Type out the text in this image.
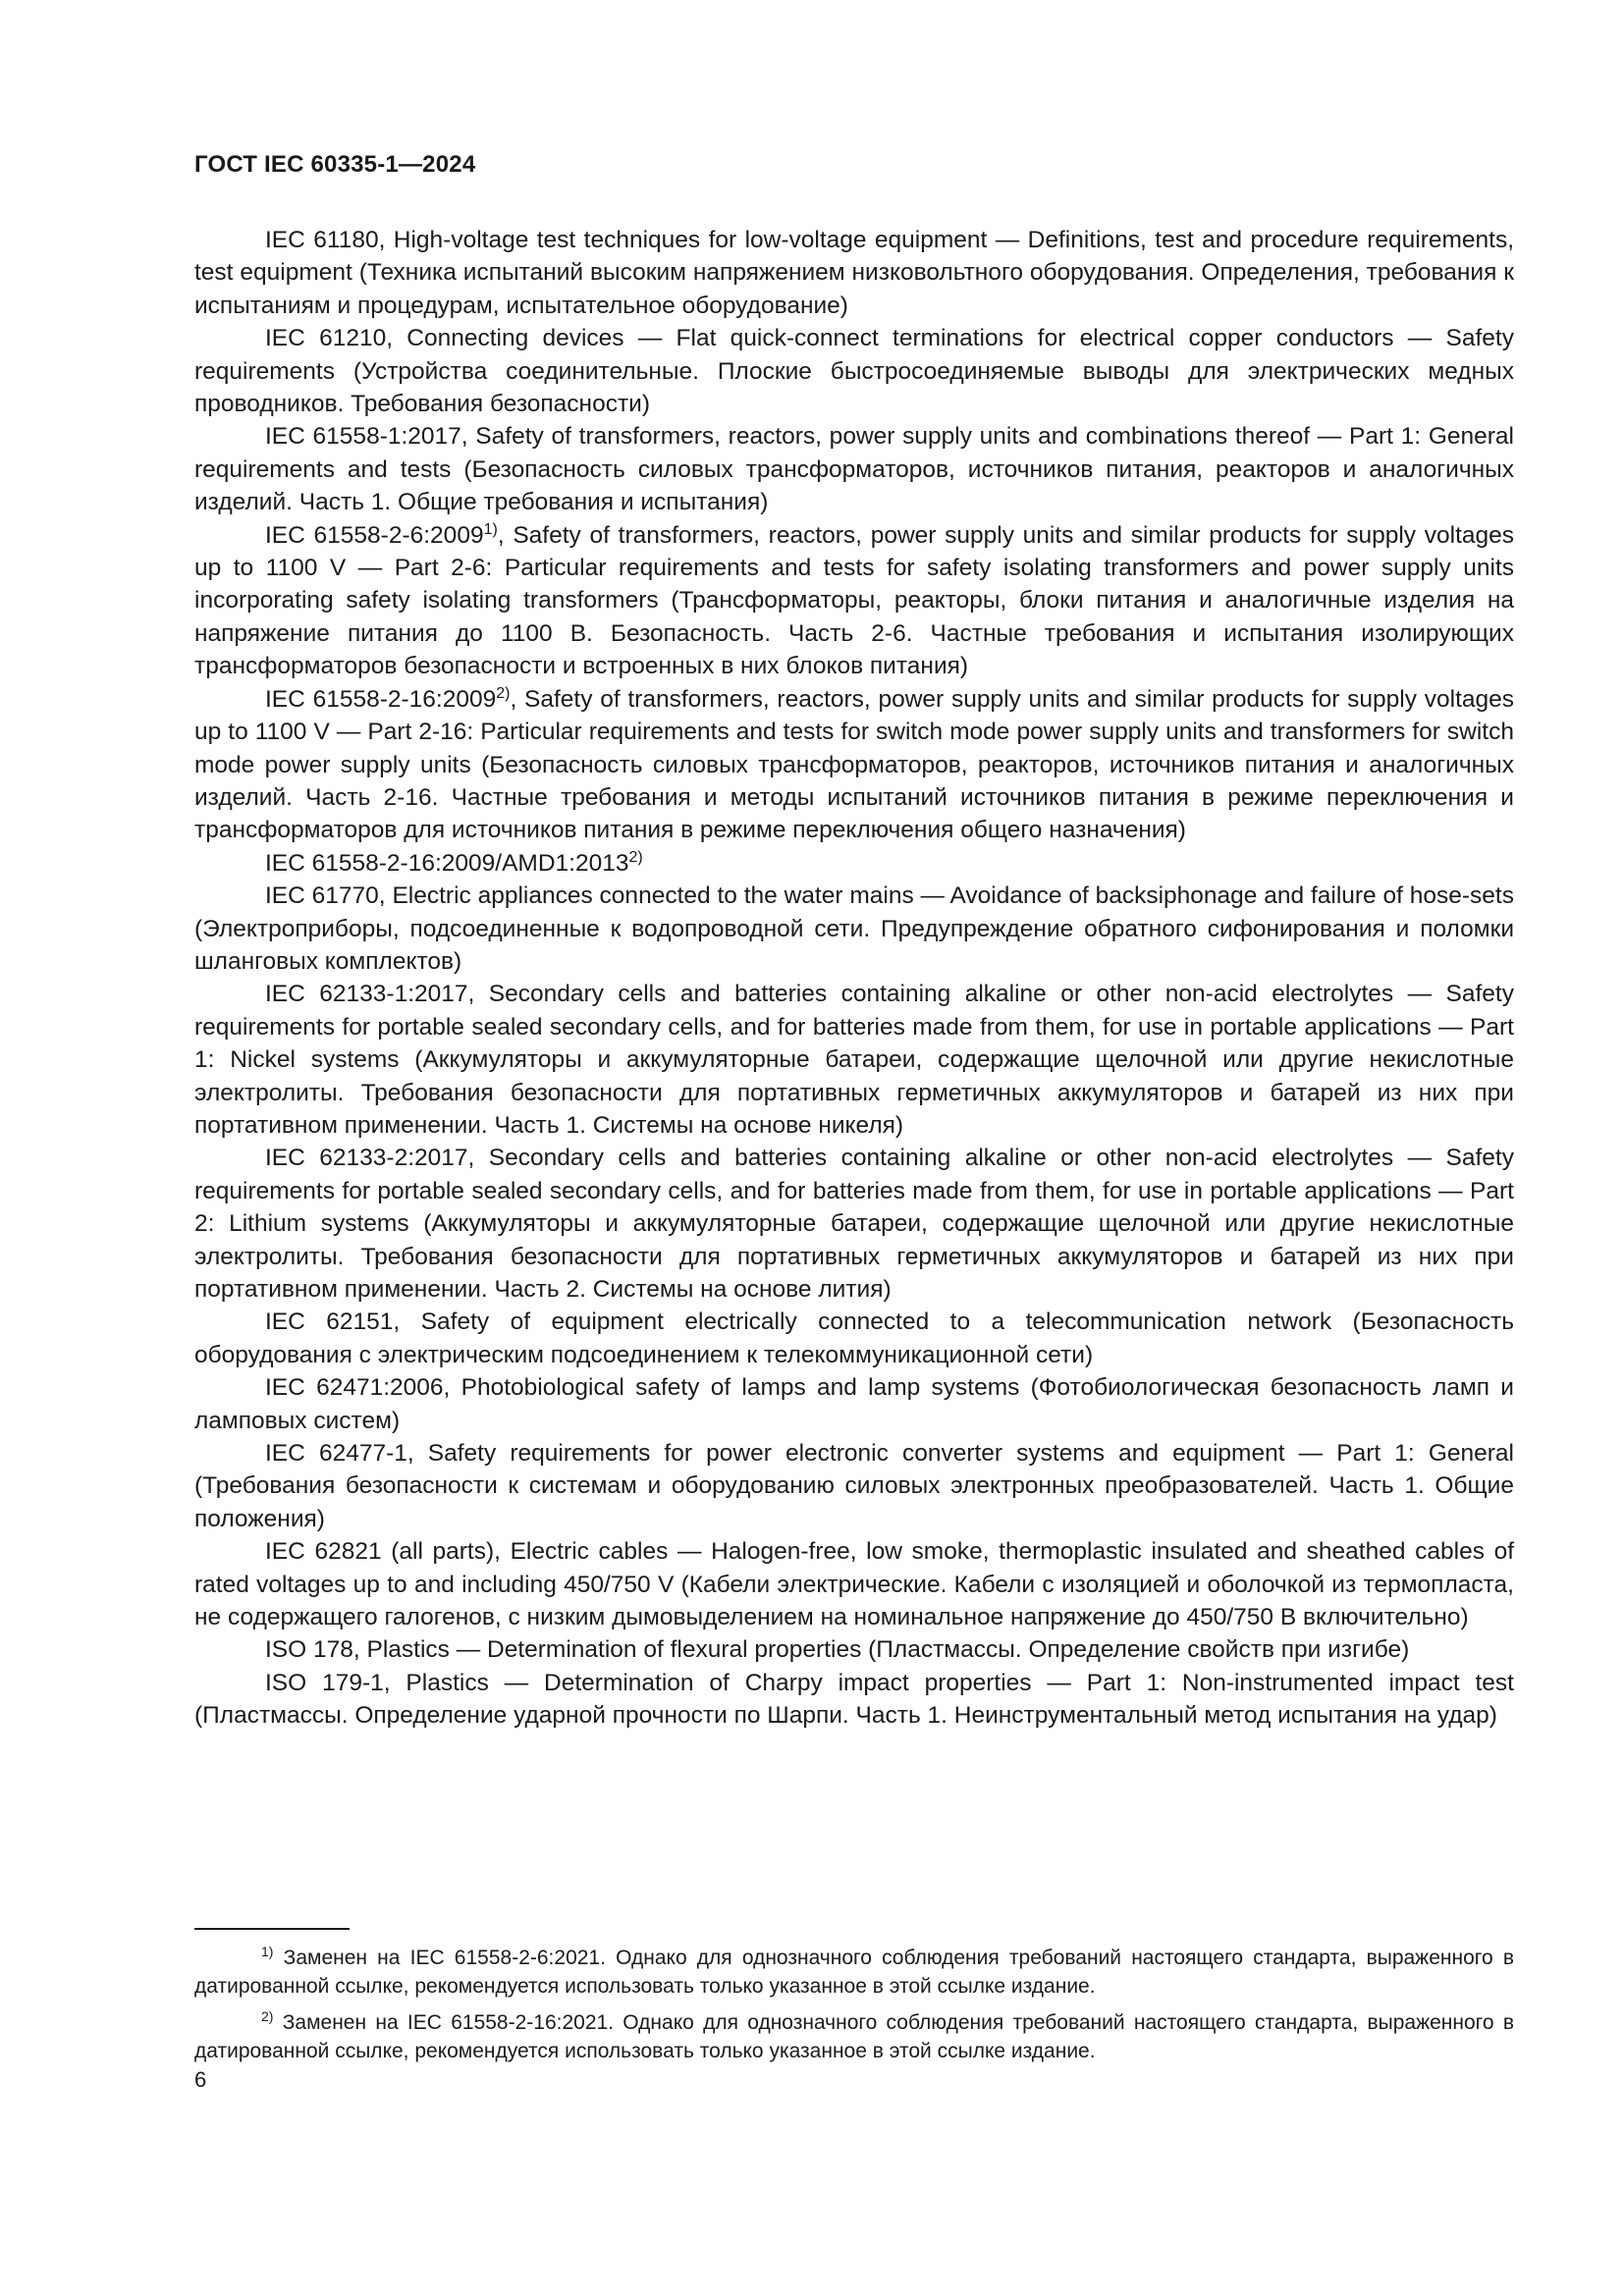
ГОСТ IEC 60335-1—2024

IEC 61180, High-voltage test techniques for low-voltage equipment — Definitions, test and procedure requirements, test equipment (Техника испытаний высоким напряжением низковольтного оборудования. Определения, требования к испытаниям и процедурам, испытательное оборудование)

IEC 61210, Connecting devices — Flat quick-connect terminations for electrical copper conductors — Safety requirements (Устройства соединительные. Плоские быстросоединяемые выводы для электрических медных проводников. Требования безопасности)

IEC 61558-1:2017, Safety of transformers, reactors, power supply units and combinations thereof — Part 1: General requirements and tests (Безопасность силовых трансформаторов, источников питания, реакторов и аналогичных изделий. Часть 1. Общие требования и испытания)

IEC 61558-2-6:2009$^{1)}$, Safety of transformers, reactors, power supply units and similar products for supply voltages up to 1100 V — Part 2-6: Particular requirements and tests for safety isolating transformers and power supply units incorporating safety isolating transformers (Трансформаторы, реакторы, блоки питания и аналогичные изделия на напряжение питания до 1100 В. Безопасность. Часть 2-6. Частные требования и испытания изолирующих трансформаторов безопасности и встроенных в них блоков питания)

IEC 61558-2-16:2009$^{2)}$, Safety of transformers, reactors, power supply units and similar products for supply voltages up to 1100 V — Part 2-16: Particular requirements and tests for switch mode power supply units and transformers for switch mode power supply units (Безопасность силовых трансформаторов, реакторов, источников питания и аналогичных изделий. Часть 2-16. Частные требования и методы испытаний источников питания в режиме переключения и трансформаторов для источников питания в режиме переключения общего назначения)

IEC 61558-2-16:2009/AMD1:2013$^{2)}$

IEC 61770, Electric appliances connected to the water mains — Avoidance of backsiphonage and failure of hose-sets (Электроприборы, подсоединенные к водопроводной сети. Предупреждение обратного сифонирования и поломки шланговых комплектов)

IEC 62133-1:2017, Secondary cells and batteries containing alkaline or other non-acid electrolytes — Safety requirements for portable sealed secondary cells, and for batteries made from them, for use in portable applications — Part 1: Nickel systems (Аккумуляторы и аккумуляторные батареи, содержащие щелочной или другие некислотные электролиты. Требования безопасности для портативных герметичных аккумуляторов и батарей из них при портативном применении. Часть 1. Системы на основе никеля)

IEC 62133-2:2017, Secondary cells and batteries containing alkaline or other non-acid electrolytes — Safety requirements for portable sealed secondary cells, and for batteries made from them, for use in portable applications — Part 2: Lithium systems (Аккумуляторы и аккумуляторные батареи, содержащие щелочной или другие некислотные электролиты. Требования безопасности для портативных герметичных аккумуляторов и батарей из них при портативном применении. Часть 2. Системы на основе лития)

IEC 62151, Safety of equipment electrically connected to a telecommunication network (Безопасность оборудования с электрическим подсоединением к телекоммуникационной сети)

IEC 62471:2006, Photobiological safety of lamps and lamp systems (Фотобиологическая безопасность ламп и ламповых систем)

IEC 62477-1, Safety requirements for power electronic converter systems and equipment — Part 1: General (Требования безопасности к системам и оборудованию силовых электронных преобразователей. Часть 1. Общие положения)

IEC 62821 (all parts), Electric cables — Halogen-free, low smoke, thermoplastic insulated and sheathed cables of rated voltages up to and including 450/750 V (Кабели электрические. Кабели с изоляцией и оболочкой из термопласта, не содержащего галогенов, с низким дымовыделением на номинальное напряжение до 450/750 В включительно)

ISO 178, Plastics — Determination of flexural properties (Пластмассы. Определение свойств при изгибе)

ISO 179-1, Plastics — Determination of Charpy impact properties — Part 1: Non-instrumented impact test (Пластмассы. Определение ударной прочности по Шарпи. Часть 1. Неинструментальный метод испытания на удар)

$^{1)}$ Заменен на IEC 61558-2-6:2021. Однако для однозначного соблюдения требований настоящего стандарта, выраженного в датированной ссылке, рекомендуется использовать только указанное в этой ссылке издание.

$^{2)}$ Заменен на IEC 61558-2-16:2021. Однако для однозначного соблюдения требований настоящего стандарта, выраженного в датированной ссылке, рекомендуется использовать только указанное в этой ссылке издание.

6
